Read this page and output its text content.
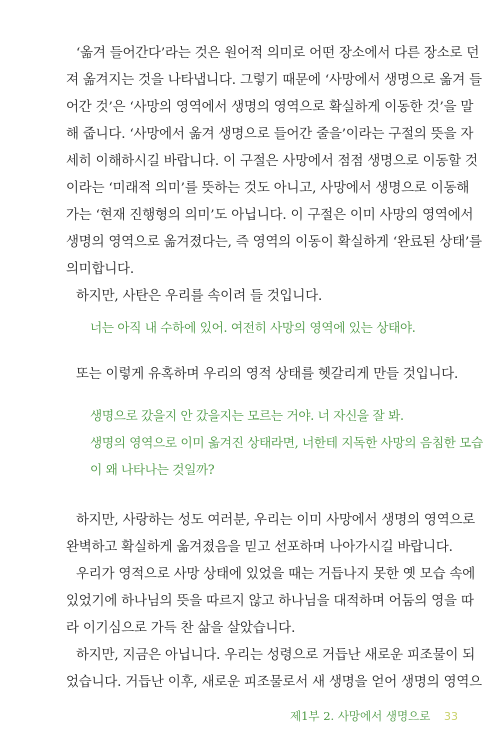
‘옮겨 들어간다’라는 것은 원어적 의미로 어떤 장소에서 다른 장소로 던
져 옮겨지는 것을 나타냅니다. 그렇기 때문에 ‘사망에서 생명으로 옮겨 들
어간 것’은 ‘사망의 영역에서 생명의 영역으로 확실하게 이동한 것’을 말
해 줍니다. ‘사망에서 옮겨 생명으로 들어간 줄을’이라는 구절의 뜻을 자
세히 이해하시길 바랍니다. 이 구절은 사망에서 점점 생명으로 이동할 것
이라는 ‘미래적 의미’를 뜻하는 것도 아니고, 사망에서 생명으로 이동해
가는 ‘현재 진행형의 의미’도 아닙니다. 이 구절은 이미 사망의 영역에서
생명의 영역으로 옮겨졌다는, 즉 영역의 이동이 확실하게 ‘완료된 상태’를
의미합니다.
하지만, 사탄은 우리를 속이려 들 것입니다.
너는 아직 내 수하에 있어. 여전히 사망의 영역에 있는 상태야.
또는 이렇게 유혹하며 우리의 영적 상태를 헷갈리게 만들 것입니다.
생명으로 갔을지 안 갔을지는 모르는 거야. 너 자신을 잘 봐.
생명의 영역으로 이미 옮겨진 상태라면, 너한테 지독한 사망의 음침한 모습
이 왜 나타나는 것일까?
하지만, 사랑하는 성도 여러분, 우리는 이미 사망에서 생명의 영역으로
완벽하고 확실하게 옮겨졌음을 믿고 선포하며 나아가시길 바랍니다.
우리가 영적으로 사망 상태에 있었을 때는 거듭나지 못한 옛 모습 속에
있었기에 하나님의 뜻을 따르지 않고 하나님을 대적하며 어둠의 영을 따
라 이기심으로 가득 찬 삶을 살았습니다.
하지만, 지금은 아닙니다. 우리는 성령으로 거듭난 새로운 피조물이 되
었습니다. 거듭난 이후, 새로운 피조물로서 새 생명을 얻어 생명의 영역으
제1부 2. 사망에서 생명으로 33
